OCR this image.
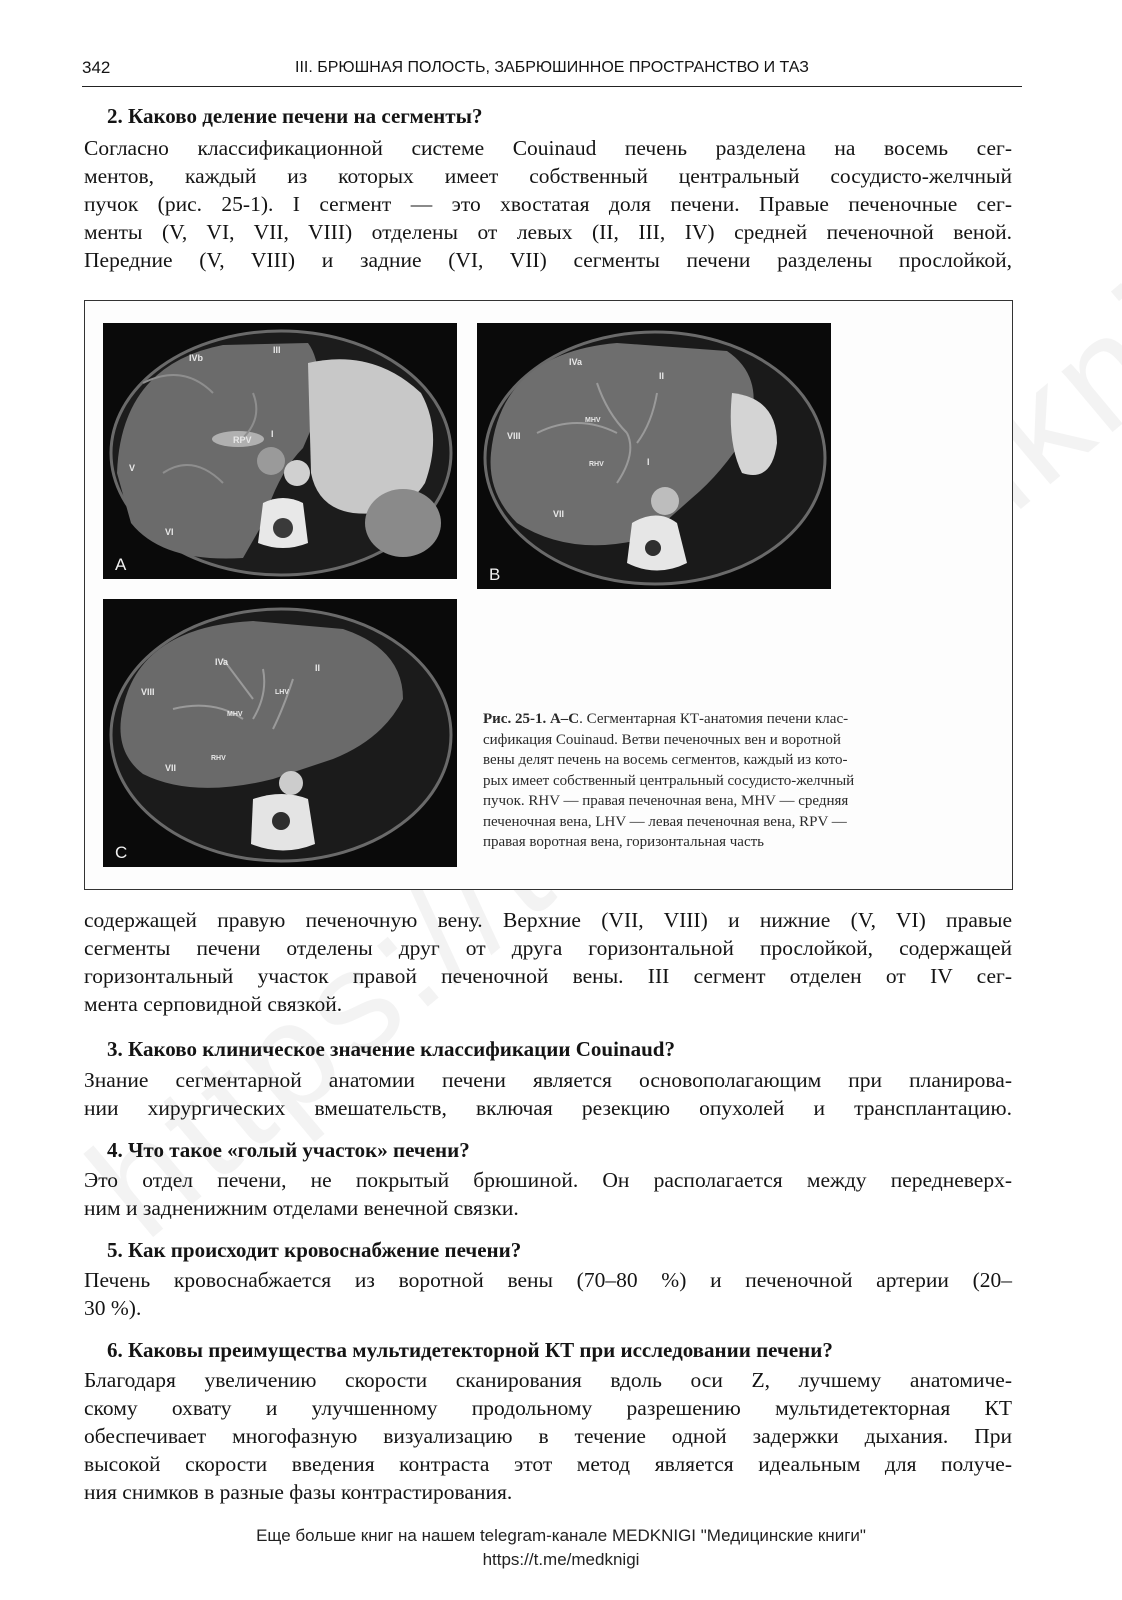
342	III. БРЮШНАЯ ПОЛОСТЬ, ЗАБРЮШИННОЕ ПРОСТРАНСТВО И ТАЗ
2. Каково деление печени на сегменты?
Согласно классификационной системе Couinaud печень разделена на восемь сег-
ментов, каждый из которых имеет собственный центральный сосудисто-желчный
пучок (рис. 25-1). I сегмент — это хвостатая доля печени. Правые печеночные сег-
менты (V, VI, VII, VIII) отделены от левых (II, III, IV) средней печеночной веной.
Передние (V, VIII) и задние (VI, VII) сегменты печени разделены прослойкой,
IVb
III
RPV
I
V
VI
A
IVa
II
VIII
MHV
RHV	I
VII
B
IVa
II
VIII	LHV
MHV
RHV
VII
C
Рис. 25-1. A–C. Сегментарная КТ-анатомия печени клас-
сификация Couinaud. Ветви печеночных вен и воротной
вены делят печень на восемь сегментов, каждый из кото-
рых имеет собственный центральный сосудисто-желчный
пучок. RHV — правая печеночная вена, MHV — средняя
печеночная вена, LHV — левая печеночная вена, RPV —
правая воротная вена, горизонтальная часть
содержащей правую печеночную вену. Верхние (VII, VIII) и нижние (V, VI) правые
сегменты печени отделены друг от друга горизонтальной прослойкой, содержащей
горизонтальный участок правой печеночной вены. III сегмент отделен от IV сег-
мента серповидной связкой.
3. Каково клиническое значение классификации Couinaud?
Знание сегментарной анатомии печени является основополагающим при планирова-
нии хирургических вмешательств, включая резекцию опухолей и трансплантацию.
4. Что такое «голый участок» печени?
Это отдел печени, не покрытый брюшиной. Он располагается между передневерх-
ним и задненижним отделами венечной связки.
5. Как происходит кровоснабжение печени?
Печень кровоснабжается из воротной вены (70–80 %) и печеночной артерии (20–
30 %).
6. Каковы преимущества мультидетекторной КТ при исследовании печени?
Благодаря увеличению скорости сканирования вдоль оси Z, лучшему анатомиче-
скому охвату и улучшенному продольному разрешению мультидетекторная КТ
обеспечивает многофазную визуализацию в течение одной задержки дыхания. При
высокой скорости введения контраста этот метод является идеальным для получе-
ния снимков в разные фазы контрастирования.
Еще больше книг на нашем telegram-канале MEDKNIGI "Медицинские книги"
https://t.me/medknigi
